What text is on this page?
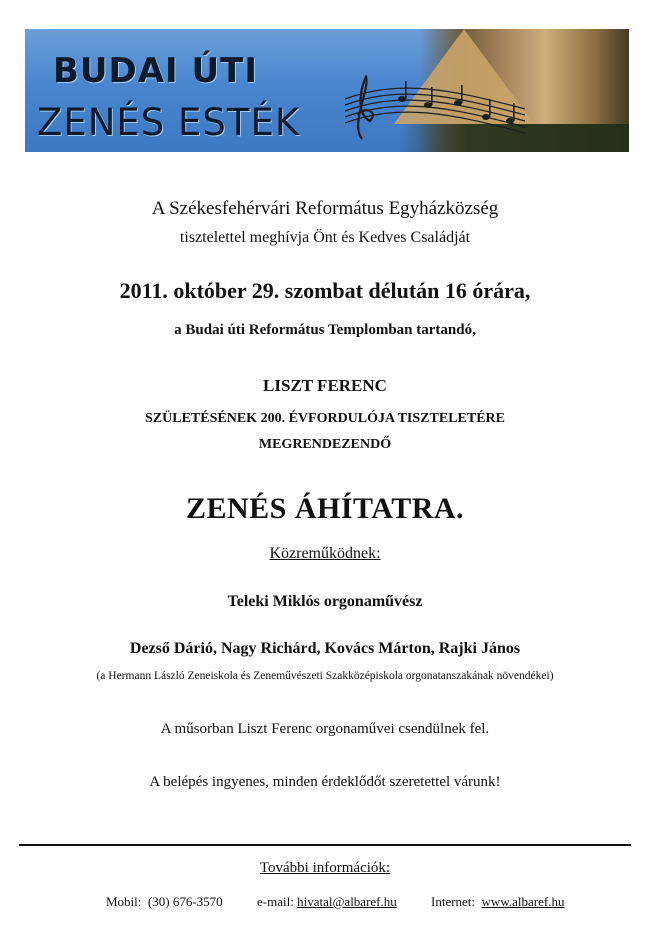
BUDAI ÚTI
ZENÉS ESTÉK
A Székesfehérvári Református Egyházközség
tisztelettel meghívja Önt és Kedves Családját
2011. október 29. szombat délután 16 órára,
a Budai úti Református Templomban tartandó,
LISZT FERENC
SZÜLETÉSÉNEK 200. ÉVFORDULÓJA TISZTELETÉRE
MEGRENDEZENDŐ
ZENÉS ÁHÍTATRA.
Közreműködnek:
Teleki Miklós orgonaművész
Dezső Dárió, Nagy Richárd, Kovács Márton, Rajki János
(a Hermann László Zeneiskola és Zeneművészeti Szakközépiskola orgonatanszakának növendékei)
A műsorban Liszt Ferenc orgonaművei csendülnek fel.
A belépés ingyenes, minden érdeklődőt szeretettel várunk!
További információk:
Mobil: (30) 676-3570	e-mail: hivatal@albaref.hu	Internet: www.albaref.hu
